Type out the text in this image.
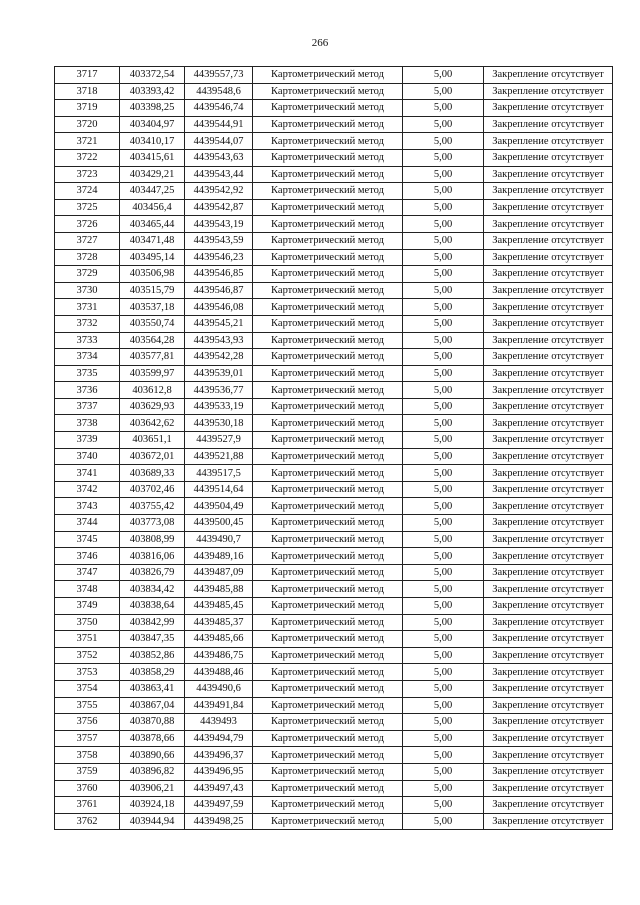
266
3717	403372,54	4439557,73	Картометрический метод	5,00	Закрепление отсутствует
3718	403393,42	4439548,6	Картометрический метод	5,00	Закрепление отсутствует
3719	403398,25	4439546,74	Картометрический метод	5,00	Закрепление отсутствует
3720	403404,97	4439544,91	Картометрический метод	5,00	Закрепление отсутствует
3721	403410,17	4439544,07	Картометрический метод	5,00	Закрепление отсутствует
3722	403415,61	4439543,63	Картометрический метод	5,00	Закрепление отсутствует
3723	403429,21	4439543,44	Картометрический метод	5,00	Закрепление отсутствует
3724	403447,25	4439542,92	Картометрический метод	5,00	Закрепление отсутствует
3725	403456,4	4439542,87	Картометрический метод	5,00	Закрепление отсутствует
3726	403465,44	4439543,19	Картометрический метод	5,00	Закрепление отсутствует
3727	403471,48	4439543,59	Картометрический метод	5,00	Закрепление отсутствует
3728	403495,14	4439546,23	Картометрический метод	5,00	Закрепление отсутствует
3729	403506,98	4439546,85	Картометрический метод	5,00	Закрепление отсутствует
3730	403515,79	4439546,87	Картометрический метод	5,00	Закрепление отсутствует
3731	403537,18	4439546,08	Картометрический метод	5,00	Закрепление отсутствует
3732	403550,74	4439545,21	Картометрический метод	5,00	Закрепление отсутствует
3733	403564,28	4439543,93	Картометрический метод	5,00	Закрепление отсутствует
3734	403577,81	4439542,28	Картометрический метод	5,00	Закрепление отсутствует
3735	403599,97	4439539,01	Картометрический метод	5,00	Закрепление отсутствует
3736	403612,8	4439536,77	Картометрический метод	5,00	Закрепление отсутствует
3737	403629,93	4439533,19	Картометрический метод	5,00	Закрепление отсутствует
3738	403642,62	4439530,18	Картометрический метод	5,00	Закрепление отсутствует
3739	403651,1	4439527,9	Картометрический метод	5,00	Закрепление отсутствует
3740	403672,01	4439521,88	Картометрический метод	5,00	Закрепление отсутствует
3741	403689,33	4439517,5	Картометрический метод	5,00	Закрепление отсутствует
3742	403702,46	4439514,64	Картометрический метод	5,00	Закрепление отсутствует
3743	403755,42	4439504,49	Картометрический метод	5,00	Закрепление отсутствует
3744	403773,08	4439500,45	Картометрический метод	5,00	Закрепление отсутствует
3745	403808,99	4439490,7	Картометрический метод	5,00	Закрепление отсутствует
3746	403816,06	4439489,16	Картометрический метод	5,00	Закрепление отсутствует
3747	403826,79	4439487,09	Картометрический метод	5,00	Закрепление отсутствует
3748	403834,42	4439485,88	Картометрический метод	5,00	Закрепление отсутствует
3749	403838,64	4439485,45	Картометрический метод	5,00	Закрепление отсутствует
3750	403842,99	4439485,37	Картометрический метод	5,00	Закрепление отсутствует
3751	403847,35	4439485,66	Картометрический метод	5,00	Закрепление отсутствует
3752	403852,86	4439486,75	Картометрический метод	5,00	Закрепление отсутствует
3753	403858,29	4439488,46	Картометрический метод	5,00	Закрепление отсутствует
3754	403863,41	4439490,6	Картометрический метод	5,00	Закрепление отсутствует
3755	403867,04	4439491,84	Картометрический метод	5,00	Закрепление отсутствует
3756	403870,88	4439493	Картометрический метод	5,00	Закрепление отсутствует
3757	403878,66	4439494,79	Картометрический метод	5,00	Закрепление отсутствует
3758	403890,66	4439496,37	Картометрический метод	5,00	Закрепление отсутствует
3759	403896,82	4439496,95	Картометрический метод	5,00	Закрепление отсутствует
3760	403906,21	4439497,43	Картометрический метод	5,00	Закрепление отсутствует
3761	403924,18	4439497,59	Картометрический метод	5,00	Закрепление отсутствует
3762	403944,94	4439498,25	Картометрический метод	5,00	Закрепление отсутствует
